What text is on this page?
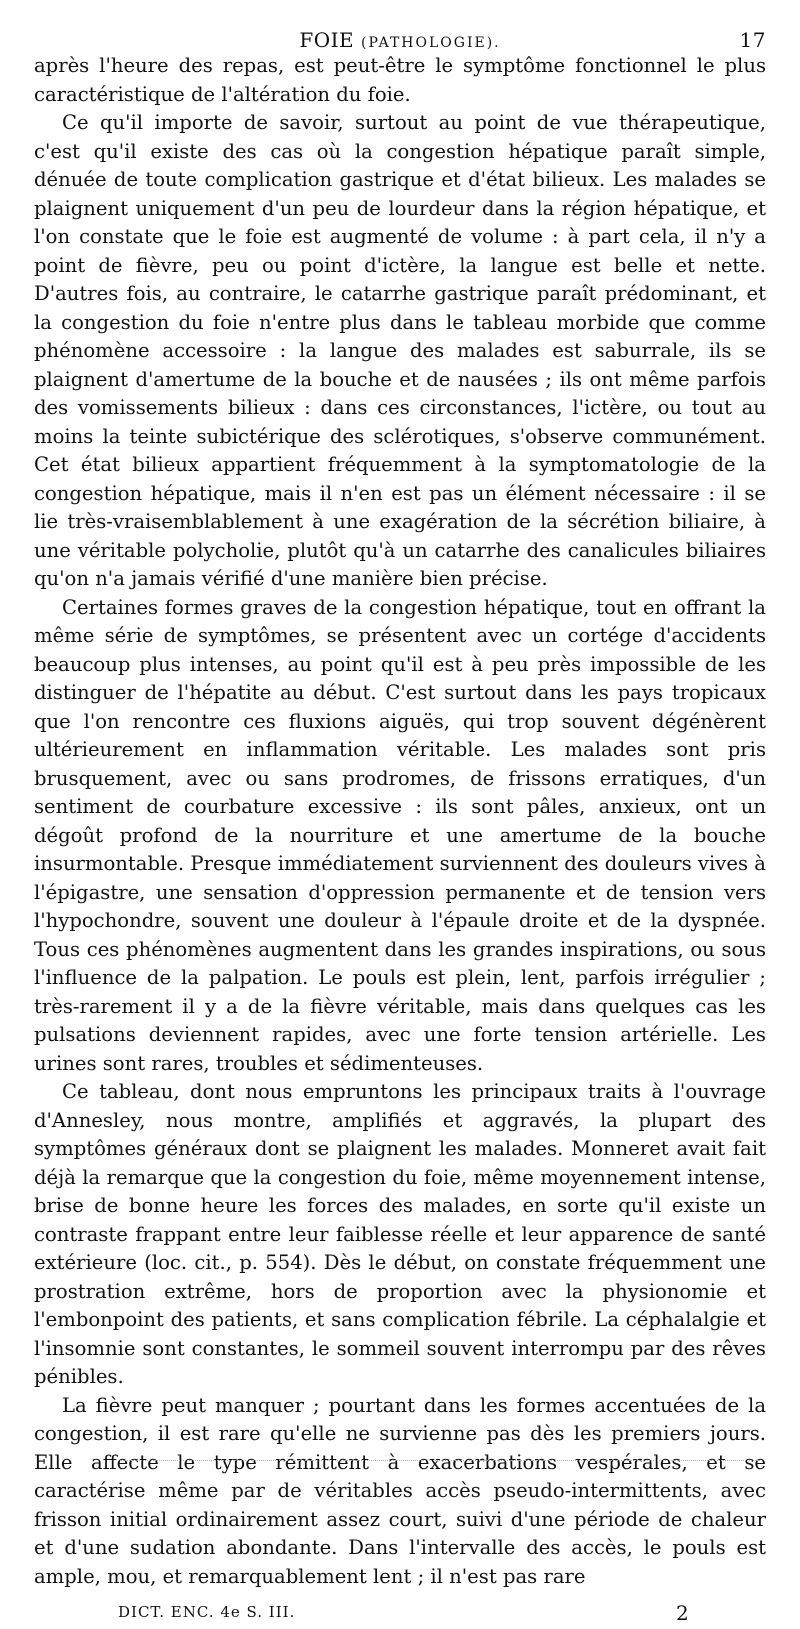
FOIE (PATHOLOGIE).	17

après l'heure des repas, est peut-être le symptôme fonctionnel le plus caractéristique de l'altération du foie.

Ce qu'il importe de savoir, surtout au point de vue thérapeutique, c'est qu'il existe des cas où la congestion hépatique paraît simple, dénuée de toute complication gastrique et d'état bilieux. Les malades se plaignent uniquement d'un peu de lourdeur dans la région hépatique, et l'on constate que le foie est augmenté de volume : à part cela, il n'y a point de fièvre, peu ou point d'ictère, la langue est belle et nette. D'autres fois, au contraire, le catarrhe gastrique paraît prédominant, et la congestion du foie n'entre plus dans le tableau morbide que comme phénomène accessoire : la langue des malades est saburrale, ils se plaignent d'amertume de la bouche et de nausées ; ils ont même parfois des vomissements bilieux : dans ces circonstances, l'ictère, ou tout au moins la teinte subictérique des sclérotiques, s'observe communément. Cet état bilieux appartient fréquemment à la symptomatologie de la congestion hépatique, mais il n'en est pas un élément nécessaire : il se lie très-vraisemblablement à une exagération de la sécrétion biliaire, à une véritable polycholie, plutôt qu'à un catarrhe des canalicules biliaires qu'on n'a jamais vérifié d'une manière bien précise.

Certaines formes graves de la congestion hépatique, tout en offrant la même série de symptômes, se présentent avec un cortége d'accidents beaucoup plus intenses, au point qu'il est à peu près impossible de les distinguer de l'hépatite au début. C'est surtout dans les pays tropicaux que l'on rencontre ces fluxions aiguës, qui trop souvent dégénèrent ultérieurement en inflammation véritable. Les malades sont pris brusquement, avec ou sans prodromes, de frissons erratiques, d'un sentiment de courbature excessive : ils sont pâles, anxieux, ont un dégoût profond de la nourriture et une amertume de la bouche insurmontable. Presque immédiatement surviennent des douleurs vives à l'épigastre, une sensation d'oppression permanente et de tension vers l'hypochondre, souvent une douleur à l'épaule droite et de la dyspnée. Tous ces phénomènes augmentent dans les grandes inspirations, ou sous l'influence de la palpation. Le pouls est plein, lent, parfois irrégulier ; très-rarement il y a de la fièvre véritable, mais dans quelques cas les pulsations deviennent rapides, avec une forte tension artérielle. Les urines sont rares, troubles et sédimenteuses.

Ce tableau, dont nous empruntons les principaux traits à l'ouvrage d'Annesley, nous montre, amplifiés et aggravés, la plupart des symptômes généraux dont se plaignent les malades. Monneret avait fait déjà la remarque que la congestion du foie, même moyennement intense, brise de bonne heure les forces des malades, en sorte qu'il existe un contraste frappant entre leur faiblesse réelle et leur apparence de santé extérieure (loc. cit., p. 554). Dès le début, on constate fréquemment une prostration extrême, hors de proportion avec la physionomie et l'embonpoint des patients, et sans complication fébrile. La céphalalgie et l'insomnie sont constantes, le sommeil souvent interrompu par des rêves pénibles.

La fièvre peut manquer ; pourtant dans les formes accentuées de la congestion, il est rare qu'elle ne survienne pas dès les premiers jours. Elle affecte le type rémittent à exacerbations vespérales, et se caractérise même par de véritables accès pseudo-intermittents, avec frisson initial ordinairement assez court, suivi d'une période de chaleur et d'une sudation abondante. Dans l'intervalle des accès, le pouls est ample, mou, et remarquablement lent ; il n'est pas rare

DICT. ENC. 4e S. III.	2
